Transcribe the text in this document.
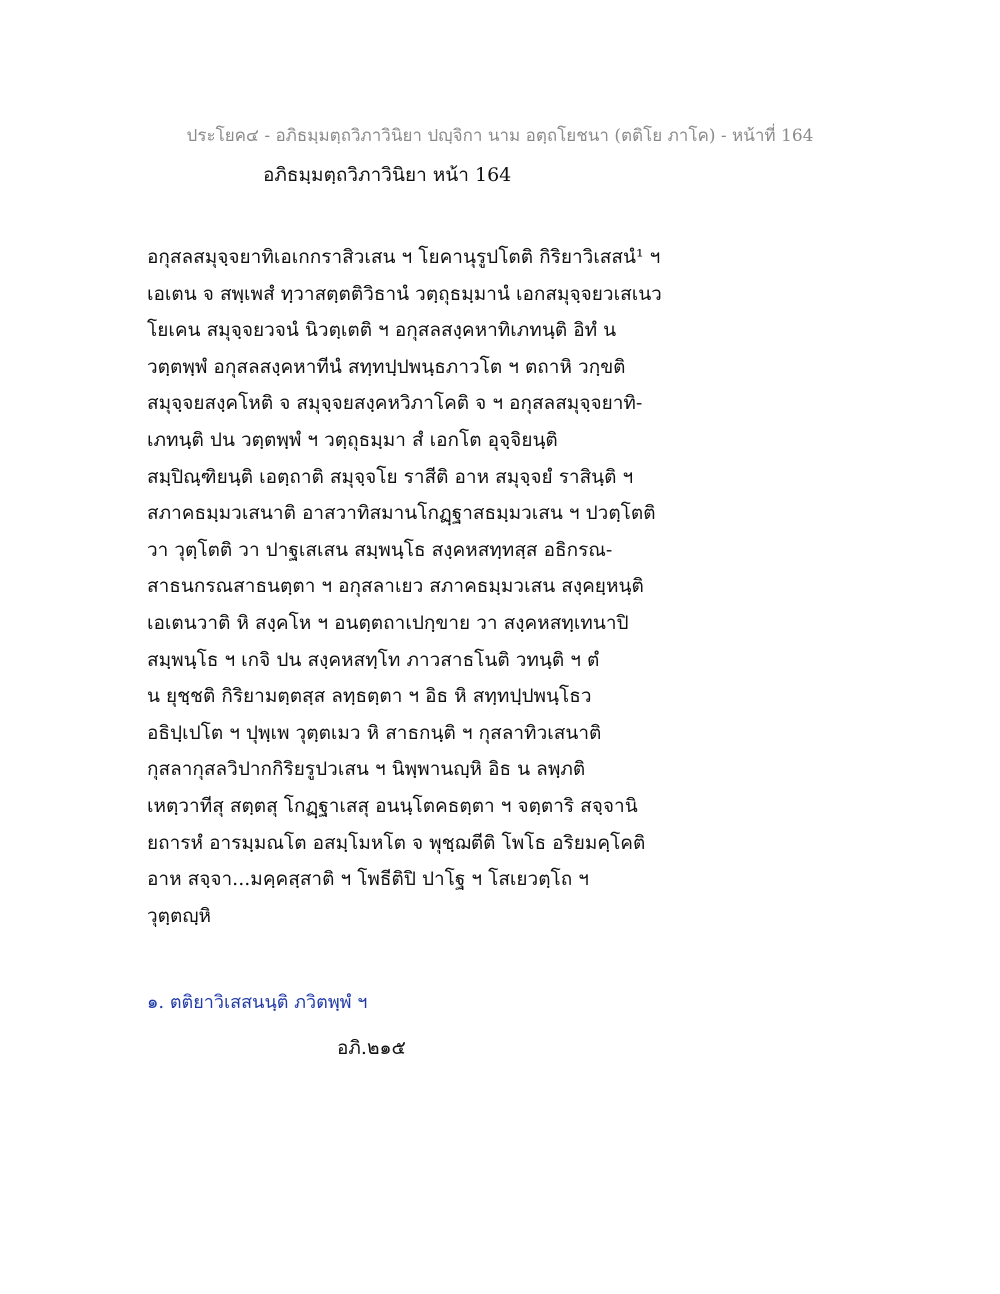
ประโยค๔ - อภิธมฺมตฺถวิภาวินิยา ปญฺจิกา นาม อตฺถโยชนา (ตติโย ภาโค) - หน้าที่ 164
อภิธมฺมตฺถวิภาวินิยา หน้า 164
อกุสลสมุจฺจยาทิเอเกกราสิวเสน ฯ โยคานุรูปโตติ กิริยาวิเสสนํ¹ ฯ
เอเตน จ สพฺเพสํ ทฺวาสตฺตติวิธานํ วตฺถุธมฺมานํ เอกสมุจฺจยวเสเนว
โยเคน สมุจฺจยวจนํ นิวตฺเตติ ฯ อกุสลสงฺคหาทิเภทนฺติ อิทํ น
วตฺตพฺพํ อกุสลสงฺคหาทีนํ สทฺทปฺปพนฺธภาวโต ฯ ตถาหิ วกฺขติ
สมุจฺจยสงฺคโหติ จ สมุจฺจยสงฺคหวิภาโคติ จ ฯ อกุสลสมุจฺจยาทิ-
เภทนฺติ ปน วตฺตพฺพํ ฯ วตฺถุธมฺมา สํ เอกโต อุจฺจิยนฺติ
สมฺปิณฺฑิยนฺติ เอตฺถาติ สมุจฺจโย ราสีติ อาห สมุจฺจยํ ราสินฺติ ฯ
สภาคธมฺมวเสนาติ อาสวาทิสมานโกฏฺฐาสธมฺมวเสน ฯ ปวตฺโตติ
วา วุตฺโตติ วา ปาฐเสเสน สมฺพนฺโธ สงฺคหสทฺทสฺส อธิกรณ-
สาธนกรณสาธนตฺตา ฯ อกุสลาเยว สภาคธมฺมวเสน สงฺคยฺหนฺติ
เอเตนวาติ หิ สงฺคโห ฯ อนตฺตถาเปกฺขาย วา สงฺคหสทฺเทนาปิ
สมฺพนฺโธ ฯ เกจิ ปน สงฺคหสทฺโท ภาวสาธโนติ วทนฺติ ฯ ตํ
น ยุชฺชติ กิริยามตฺตสฺส ลทฺธตฺตา ฯ อิธ หิ สทฺทปฺปพนฺโธว
อธิปฺเปโต ฯ ปุพฺเพ วุตฺตเมว หิ สาธกนฺติ ฯ กุสลาทิวเสนาติ
กุสลากุสลวิปากกิริยรูปวเสน ฯ นิพฺพานญฺหิ อิธ น ลพฺภติ
เหตฺวาทีสุ สตฺตสุ โกฏฺฐาเสสุ อนนฺโตคธตฺตา ฯ จตฺตาริ สจฺจานิ
ยถารหํ อารมฺมณโต อสมฺโมหโต จ พุชฺฌตีติ โพโธ อริยมคฺโคติ
อาห สจฺจา...มคฺคสฺสาติ ฯ โพธีติปิ ปาโฐ ฯ โสเยวตฺโถ ฯ
วุตฺตญฺหิ
๑. ตติยาวิเสสนนฺติ ภวิตพฺพํ ฯ
อภิ.๒๑๕
